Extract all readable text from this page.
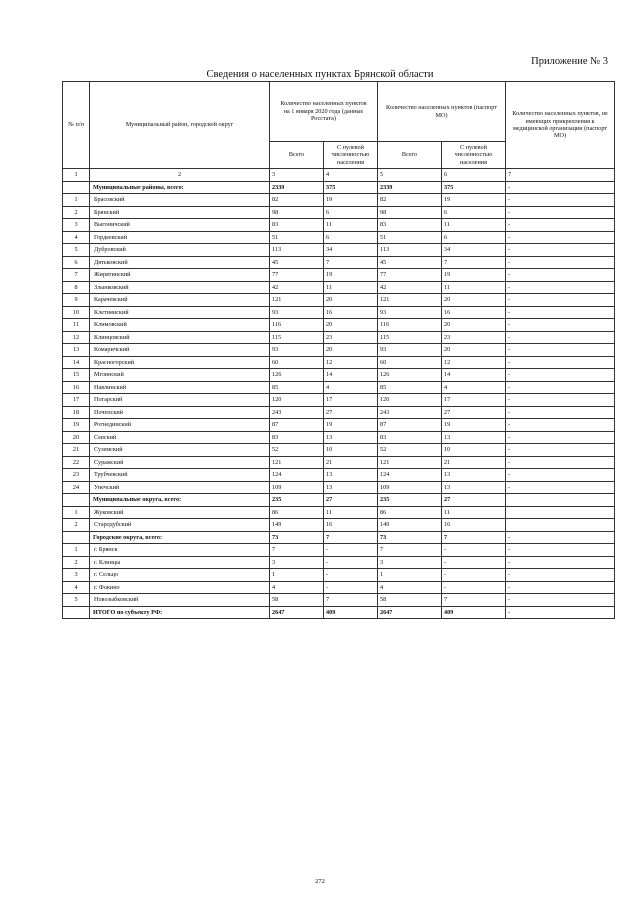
Приложение № 3
Сведения о населенных пунктах Брянской области
№ п/п	Муниципальный район, городской округ	Количество населенных пунктов на 1 января 2020 года (данные Росстата)		Количество населенных пунктов (паспорт МО)		Количество населенных пунктов, не имеющих прикрепления к медицинской организации (паспорт МО)
		Всего	С нулевой численностью населения	Всего	С нулевой численностью населения	
1	2	3	4	5	6	7
	Муниципальные районы, всего:	2339	375	2339	375	-
1	Брасовский	82	19	82	19	-
2	Брянский	98	6	98	6	-
3	Выгоничский	83	11	83	11	-
4	Гордеевский	51	6	51	6	-
5	Дубровский	113	34	113	34	-
6	Дятьковский	45	7	45	7	-
7	Жирятинский	77	19	77	19	-
8	Злынковский	42	11	42	11	-
9	Карачевский	121	20	121	20	-
10	Клетнянский	93	16	93	16	-
11	Климовский	116	20	116	20	-
12	Клинцовский	115	23	115	23	-
13	Комаричский	93	20	93	20	-
14	Красногорский	60	12	60	12	-
15	Мглинский	126	14	126	14	-
16	Навлинский	85	4	85	4	-
17	Погарский	120	17	120	17	-
18	Почепский	243	27	243	27	-
19	Рогнединский	87	19	87	19	-
20	Севский	83	13	83	13	-
21	Суземский	52	10	52	10	-
22	Суражский	121	21	121	21	-
23	Трубчевский	124	13	124	13	-
24	Унечский	109	13	109	13	-
	Муниципальные округа, всего:	235	27	235	27	
1	Жуковский	86	11	86	11	
2	Стародубский	149	16	149	16	
	Городские округа, всего:	73	7	73	7	-
1	г. Брянск	7	-	7	-	-
2	г. Клинцы	3	-	3	-	-
3	г. Сельцо	1	-	1	-	-
4	г. Фокино	4	-	4	-	-
5	Новозыбковский	58	7	58	7	-
	ИТОГО по субъекту РФ:	2647	409	2647	409	-
272
